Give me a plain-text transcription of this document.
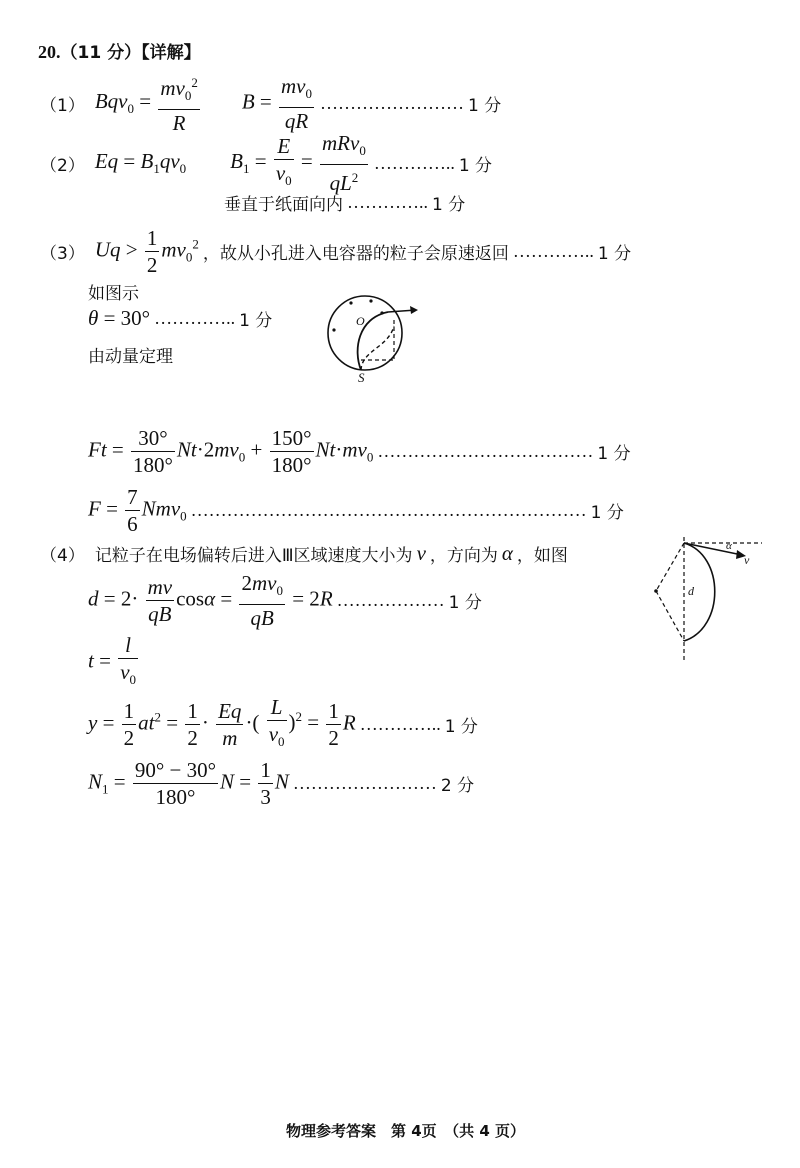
20.（11 分）【详解】
（1） $Bqv_0 = \frac{mv_0^2}{R}$ $B = \frac{mv_0}{qR}$ …………………… 1 分
（2） $Eq = B_1qv_0$ $B_1 = \frac{E}{v_0} = \frac{mRv_0}{qL^2}$ ………….. 1 分
垂直于纸面向内 ………….. 1 分
（3） $Uq > \frac{1}{2} mv_0^2$
，故从小孔进入电容器的粒子会原速返回 ………….. 1 分
如图示
θ = 30° ………….. 1 分
由动量定理
O
S
$Ft = \frac{30^\circ}{180^\circ} Nt\cdot 2mv_0 + \frac{150^\circ}{180^\circ} Nt\cdot mv_0$ ……………………………… 1 分
$F = \frac{7}{6} Nmv_0$ ………………………………………………………… 1 分
（4） 记粒子在电场偏转后进入Ⅲ区域速度大小为 v ，方向为 α ，如图
$d = 2\cdot \frac{mv}{qB}$ $\cos\alpha = \frac{2mv_0}{qB} = 2R$ ……………… 1 分
$t = \frac{l}{v_0}$
$y = \frac{1}{2} at^2 = \frac{1}{2} \cdot \frac{Eq}{m}$ ·( $\frac{L}{v_0} )^2 = \frac{1}{2}$ R ………….. 1 分
$N_1 = \frac{90^\circ - 30^\circ}{180^\circ}$ $N = \frac{1}{3}$ N …………………… 2 分
α
v
d
物理参考答案　第 4页　（共 4 页）
